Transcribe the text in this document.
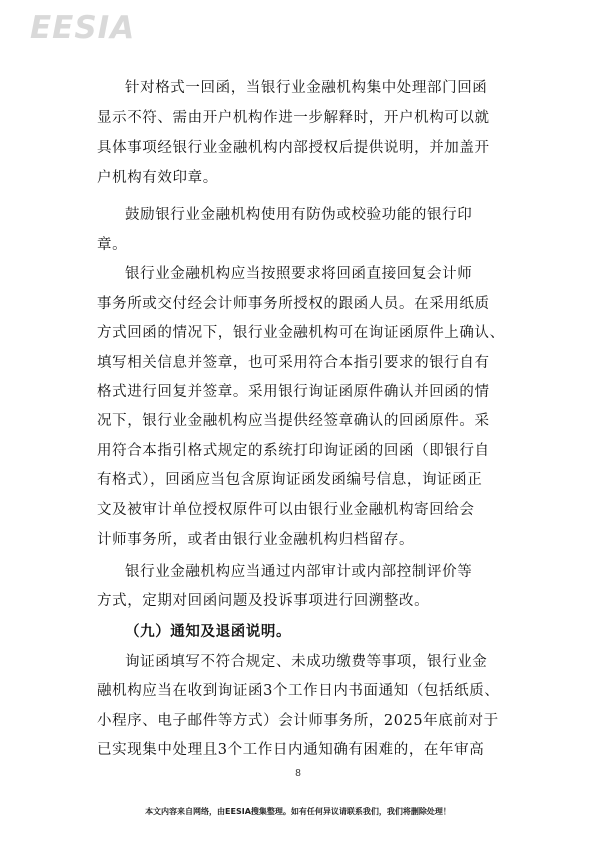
EESIA
针对格式一回函，当银行业金融机构集中处理部门回函
显示不符、需由开户机构作进一步解释时，开户机构可以就
具体事项经银行业金融机构内部授权后提供说明，并加盖开
户机构有效印章。
鼓励银行业金融机构使用有防伪或校验功能的银行印
章。
银行业金融机构应当按照要求将回函直接回复会计师
事务所或交付经会计师事务所授权的跟函人员。在采用纸质
方式回函的情况下，银行业金融机构可在询证函原件上确认、
填写相关信息并签章，也可采用符合本指引要求的银行自有
格式进行回复并签章。采用银行询证函原件确认并回函的情
况下，银行业金融机构应当提供经签章确认的回函原件。采
用符合本指引格式规定的系统打印询证函的回函（即银行自
有格式），回函应当包含原询证函发函编号信息，询证函正
文及被审计单位授权原件可以由银行业金融机构寄回给会
计师事务所，或者由银行业金融机构归档留存。
银行业金融机构应当通过内部审计或内部控制评价等
方式，定期对回函问题及投诉事项进行回溯整改。
（九）通知及退函说明。
询证函填写不符合规定、未成功缴费等事项，银行业金
融机构应当在收到询证函3个工作日内书面通知（包括纸质、
小程序、电子邮件等方式）会计师事务所，2025年底前对于
已实现集中处理且3个工作日内通知确有困难的，在年审高
8
本文内容来自网络，由EESIA搜集整理。如有任何异议请联系我们，我们将删除处理！
